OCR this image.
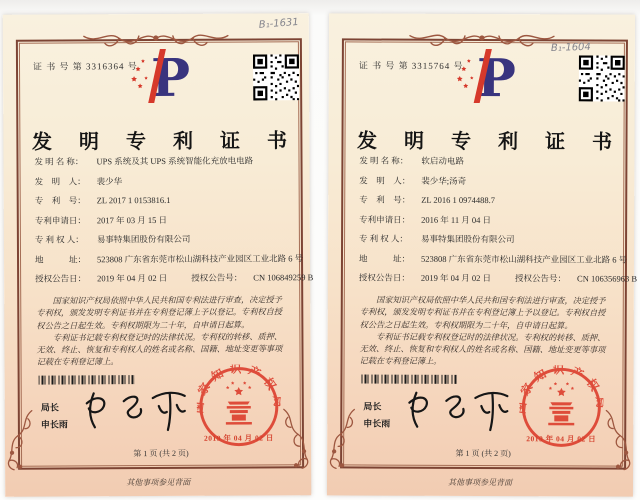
B₁-1631
证 书 号 第 3316364 号
发 明 专 利 证 书
发 明 名 称： UPS 系统及其 UPS 系统智能化充放电电路
发　明　人： 裴少华
专　利　号： ZL 2017 1 0153816.1
专利申请日： 2017 年 03 月 15 日
专 利 权 人： 易事特集团股份有限公司
地　　　址： 523808 广东省东莞市松山湖科技产业园区工业北路 6 号
授权公告日： 2019 年 04 月 02 日	授权公告号： CN 106849259 B

国家知识产权局依照中华人民共和国专利法进行审查，决定授予专利权，颁发发明专利证书并在专利登记簿上予以登记。专利权自授权公告之日起生效。专利权期限为二十年，自申请日起算。

专利证书记载专利权登记时的法律状况。专利权的转移、质押、无效、终止、恢复和专利权人的姓名或名称、国籍、地址变更等事项记载在专利登记簿上。

局长
申长雨
2019 年 04 月 02 日
第 1 页 (共 2 页)
其他事项参见背面
B₁-1604
证 书 号 第 3315764 号
发 明 专 利 证 书
发 明 名 称： 软启动电路
发　明　人： 裴少华;汤奇
专　利　号： ZL 2016 1 0974488.7
专利申请日： 2016 年 11 月 04 日
专 利 权 人： 易事特集团股份有限公司
地　　　址： 523808 广东省东莞市松山湖科技产业园区工业北路 6 号
授权公告日： 2019 年 04 月 02 日	授权公告号： CN 106356963 B

国家知识产权局依照中华人民共和国专利法进行审查，决定授予专利权，颁发发明专利证书并在专利登记簿上予以登记。专利权自授权公告之日起生效。专利权期限为二十年，自申请日起算。

专利证书记载专利权登记时的法律状况。专利权的转移、质押、无效、终止、恢复和专利权人的姓名或名称、国籍、地址变更等事项记载在专利登记簿上。

局长
申长雨
2019 年 04 月 02 日
第 1 页 (共 2 页)
其他事项参见背面
